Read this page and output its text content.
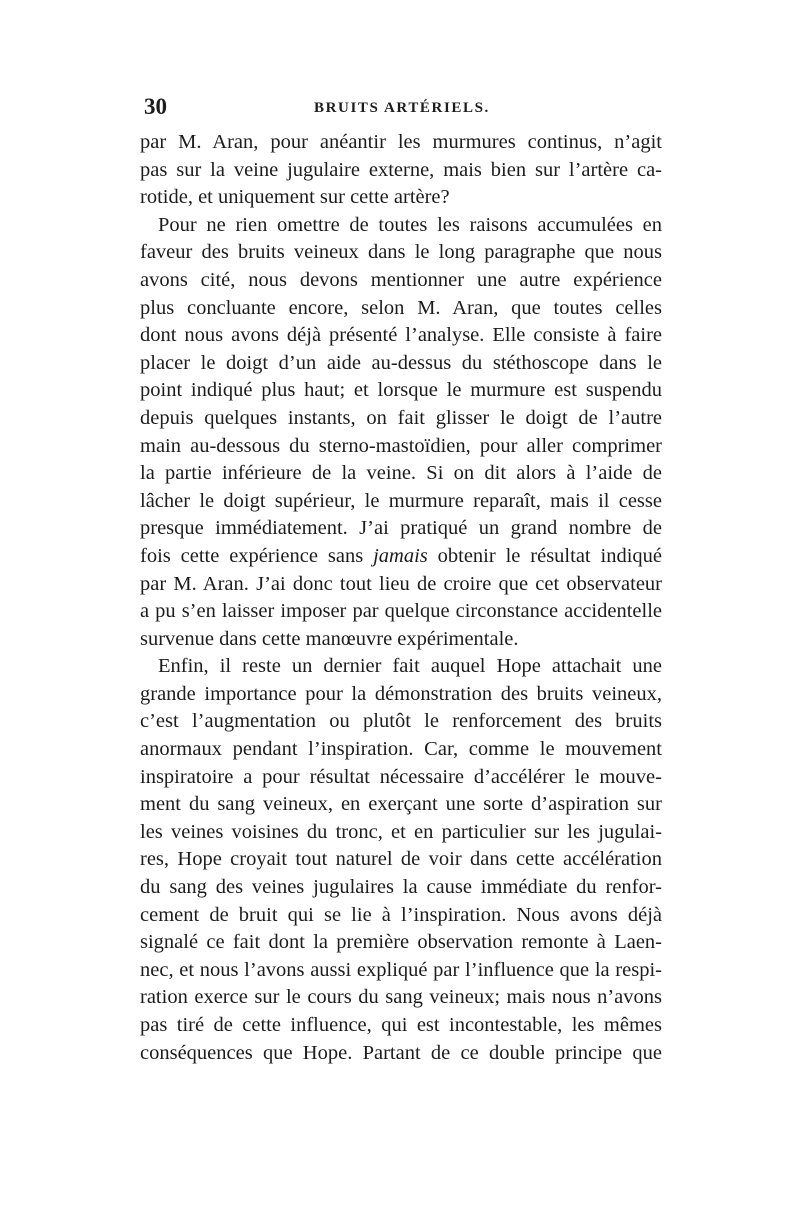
30	BRUITS ARTÉRIELS.
par M. Aran, pour anéantir les murmures continus, n’agit
pas sur la veine jugulaire externe, mais bien sur l’artère ca-
rotide, et uniquement sur cette artère?
Pour ne rien omettre de toutes les raisons accumulées en
faveur des bruits veineux dans le long paragraphe que nous
avons cité, nous devons mentionner une autre expérience
plus concluante encore, selon M. Aran, que toutes celles
dont nous avons déjà présenté l’analyse. Elle consiste à faire
placer le doigt d’un aide au-dessus du stéthoscope dans le
point indiqué plus haut; et lorsque le murmure est suspendu
depuis quelques instants, on fait glisser le doigt de l’autre
main au-dessous du sterno-mastoïdien, pour aller comprimer
la partie inférieure de la veine. Si on dit alors à l’aide de
lâcher le doigt supérieur, le murmure reparaît, mais il cesse
presque immédiatement. J’ai pratiqué un grand nombre de
fois cette expérience sans jamais obtenir le résultat indiqué
par M. Aran. J’ai donc tout lieu de croire que cet observateur
a pu s’en laisser imposer par quelque circonstance accidentelle
survenue dans cette manœuvre expérimentale.
Enfin, il reste un dernier fait auquel Hope attachait une
grande importance pour la démonstration des bruits veineux,
c’est l’augmentation ou plutôt le renforcement des bruits
anormaux pendant l’inspiration. Car, comme le mouvement
inspiratoire a pour résultat nécessaire d’accélérer le mouve-
ment du sang veineux, en exerçant une sorte d’aspiration sur
les veines voisines du tronc, et en particulier sur les jugulai-
res, Hope croyait tout naturel de voir dans cette accélération
du sang des veines jugulaires la cause immédiate du renfor-
cement de bruit qui se lie à l’inspiration. Nous avons déjà
signalé ce fait dont la première observation remonte à Laen-
nec, et nous l’avons aussi expliqué par l’influence que la respi-
ration exerce sur le cours du sang veineux; mais nous n’avons
pas tiré de cette influence, qui est incontestable, les mêmes
conséquences que Hope. Partant de ce double principe que
